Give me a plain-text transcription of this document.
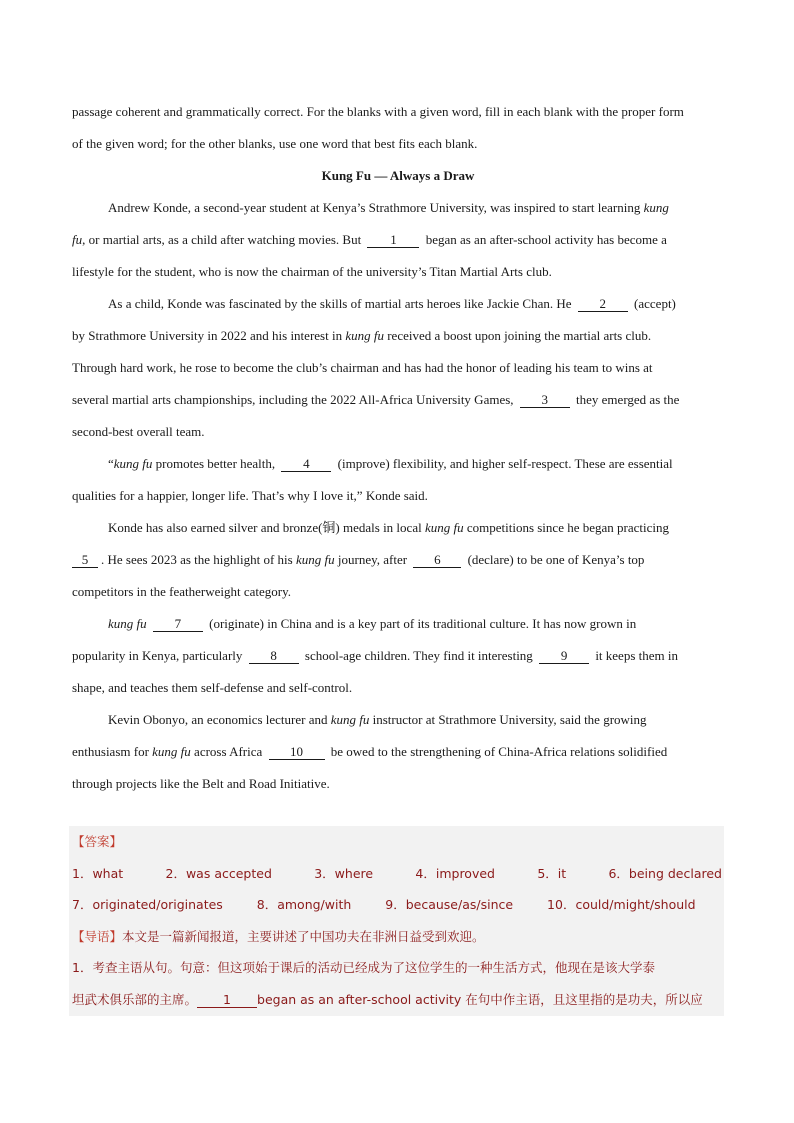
passage coherent and grammatically correct. For the blanks with a given word, fill in each blank with the proper form
of the given word; for the other blanks, use one word that best fits each blank.
Kung Fu — Always a Draw
Andrew Konde, a second-year student at Kenya’s Strathmore University, was inspired to start learning kung
fu, or martial arts, as a child after watching movies. But 1 began as an after-school activity has become a
lifestyle for the student, who is now the chairman of the university’s Titan Martial Arts club.
As a child, Konde was fascinated by the skills of martial arts heroes like Jackie Chan. He 2 (accept)
by Strathmore University in 2022 and his interest in kung fu received a boost upon joining the martial arts club.
Through hard work, he rose to become the club’s chairman and has had the honor of leading his team to wins at
several martial arts championships, including the 2022 All-Africa University Games, 3 they emerged as the
second-best overall team.
“kung fu promotes better health, 4 (improve) flexibility, and higher self-respect. These are essential
qualities for a happier, longer life. That’s why I love it,” Konde said.
Konde has also earned silver and bronze(铜) medals in local kung fu competitions since he began practicing
5 . He sees 2023 as the highlight of his kung fu journey, after 6 (declare) to be one of Kenya’s top
competitors in the featherweight category.
kung fu 7 (originate) in China and is a key part of its traditional culture. It has now grown in
popularity in Kenya, particularly 8 school-age children. They find it interesting 9 it keeps them in
shape, and teaches them self-defense and self-control.
Kevin Obonyo, an economics lecturer and kung fu instructor at Strathmore University, said the growing
enthusiasm for kung fu across Africa 10 be owed to the strengthening of China-Africa relations solidified
through projects like the Belt and Road Initiative.
【答案】
1．what	2．was accepted	3．where	4．improved	5．it	6．being declared
7．originated/originates	8．among/with	9．because/as/since	10．could/might/should
【导语】本文是一篇新闻报道，主要讲述了中国功夫在非洲日益受到欢迎。
1．考查主语从句。句意：但这项始于课后的活动已经成为了这位学生的一种生活方式，他现在是该大学泰
坦武术俱乐部的主席。 1 began as an after-school activity 在句中作主语，且这里指的是功夫，所以应
